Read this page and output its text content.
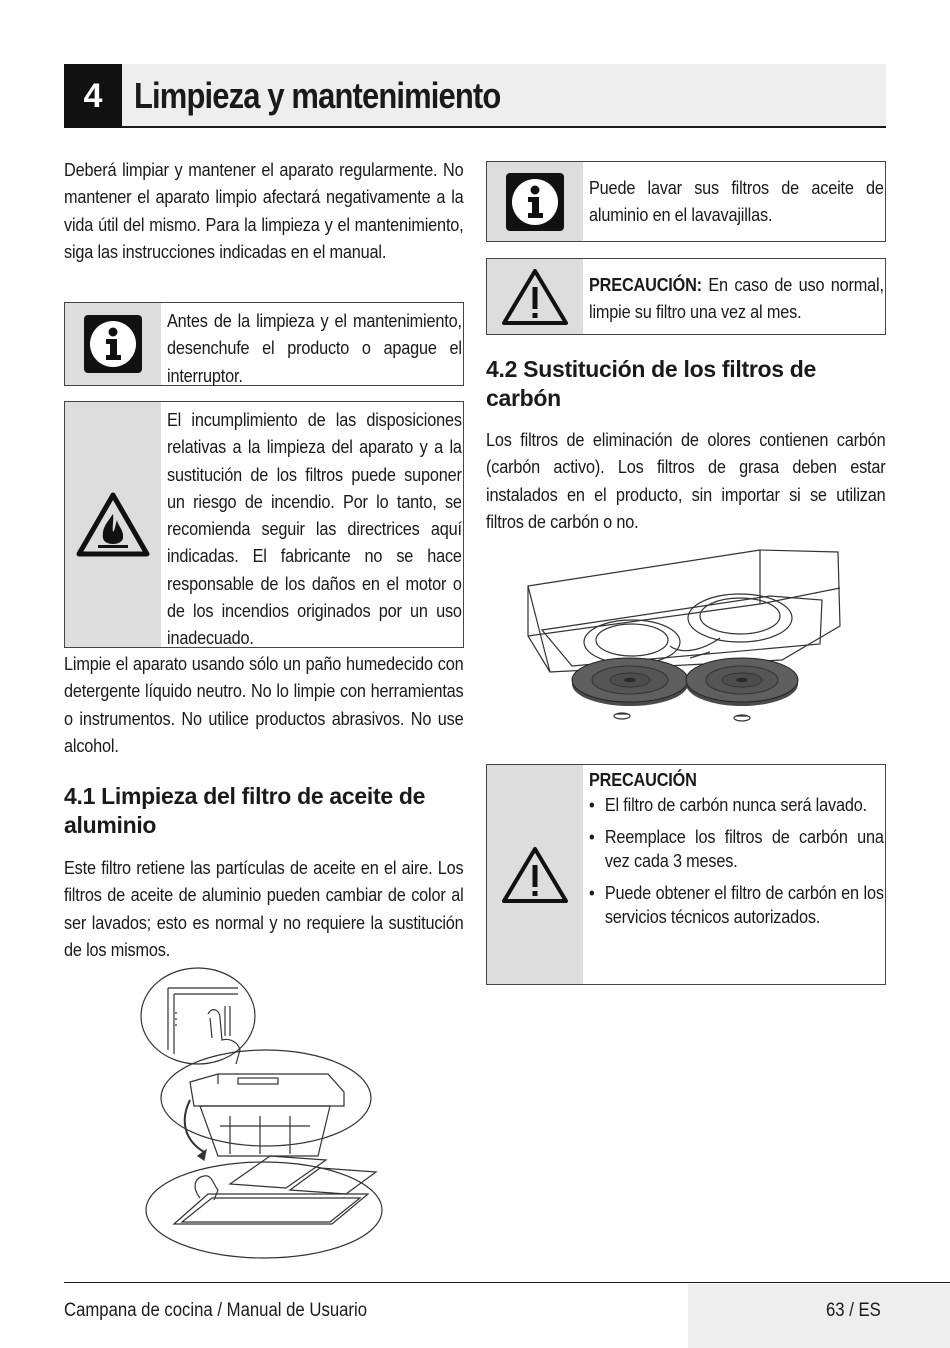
4 Limpieza y mantenimiento
Deberá limpiar y mantener el aparato regularmente. No mantener el aparato limpio afectará negativamente a la vida útil del mismo. Para la limpieza y el mantenimiento, siga las instrucciones indicadas en el manual.
Antes de la limpieza y el mantenimiento, desenchufe el producto o apague el interruptor.
El incumplimiento de las disposiciones relativas a la limpieza del aparato y a la sustitución de los filtros puede suponer un riesgo de incendio. Por lo tanto, se recomienda seguir las directrices aquí indicadas. El fabricante no se hace responsable de los daños en el motor o de los incendios originados por un uso inadecuado.
Limpie el aparato usando sólo un paño humedecido con detergente líquido neutro. No lo limpie con herramientas o instrumentos. No utilice productos abrasivos. No use alcohol.
4.1 Limpieza del filtro de aceite de aluminio
Este filtro retiene las partículas de aceite en el aire. Los filtros de aceite de aluminio pueden cambiar de color al ser lavados; esto es normal y no requiere la sustitución de los mismos.
Puede lavar sus filtros de aceite de aluminio en el lavavajillas.
PRECAUCIÓN: En caso de uso normal, limpie su filtro una vez al mes.
4.2 Sustitución de los filtros de carbón
Los filtros de eliminación de olores contienen carbón (carbón activo). Los filtros de grasa deben estar instalados en el producto, sin importar si se utilizan filtros de carbón o no.
PRECAUCIÓN
• El filtro de carbón nunca será lavado.
• Reemplace los filtros de carbón una vez cada 3 meses.
• Puede obtener el filtro de carbón en los servicios técnicos autorizados.
Campana de cocina / Manual de Usuario	63 / ES
